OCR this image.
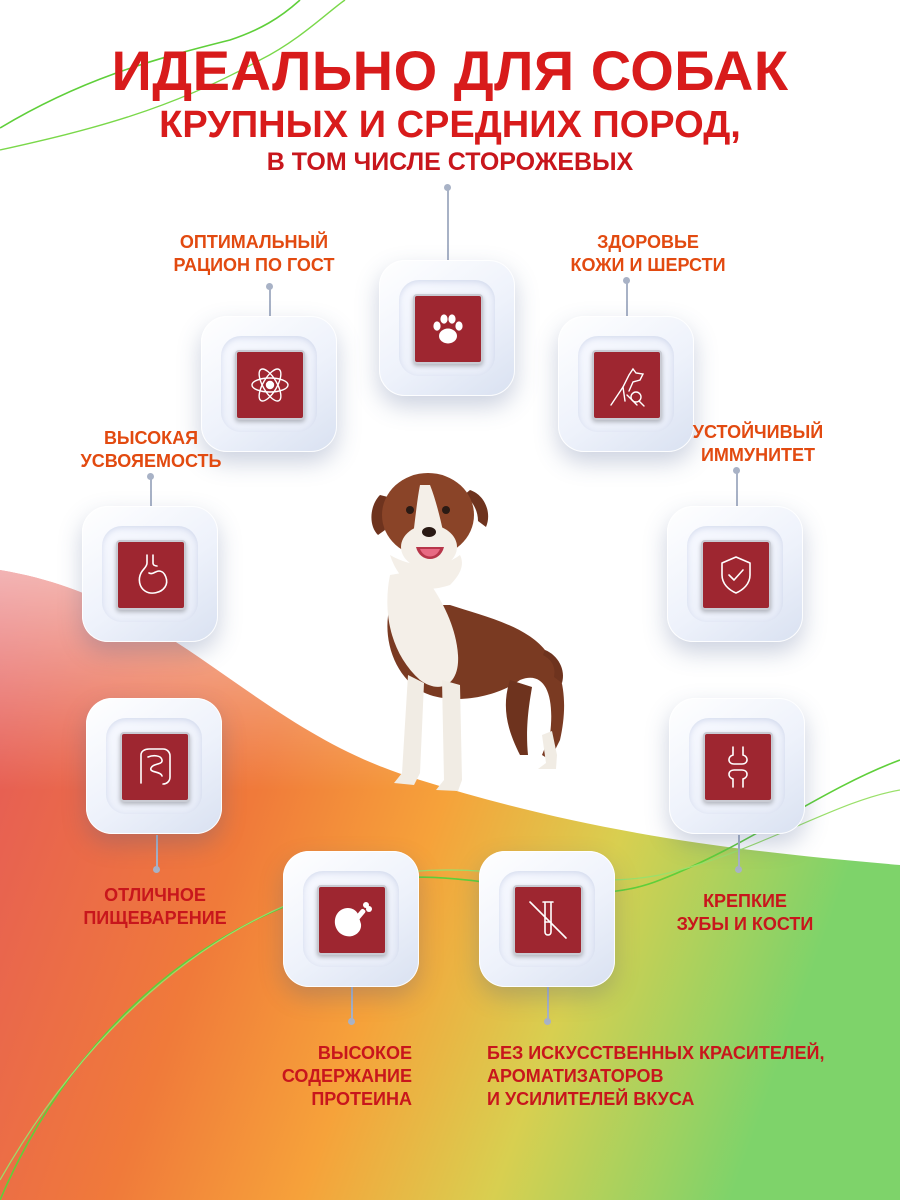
ИДЕАЛЬНО ДЛЯ СОБАК
КРУПНЫХ И СРЕДНИХ ПОРОД,
В ТОМ ЧИСЛЕ СТОРОЖЕВЫХ
ОПТИМАЛЬНЫЙ
РАЦИОН ПО ГОСТ
ЗДОРОВЬЕ
КОЖИ И ШЕРСТИ
ВЫСОКАЯ
УСВОЯЕМОСТЬ
УСТОЙЧИВЫЙ
ИММУНИТЕТ
ОТЛИЧНОЕ
ПИЩЕВАРЕНИЕ
КРЕПКИЕ
ЗУБЫ И КОСТИ
ВЫСОКОЕ
СОДЕРЖАНИЕ
ПРОТЕИНА
БЕЗ ИСКУССТВЕННЫХ КРАСИТЕЛЕЙ,
АРОМАТИЗАТОРОВ
И УСИЛИТЕЛЕЙ ВКУСА
